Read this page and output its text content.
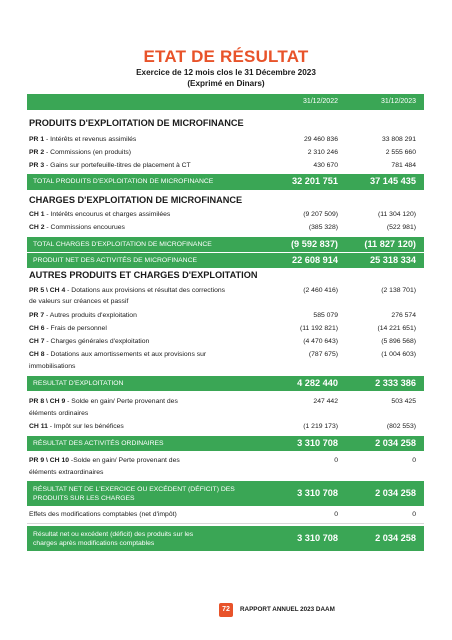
ETAT DE RÉSULTAT
Exercice de 12 mois clos le 31 Décembre 2023
(Exprimé en Dinars)
31/12/2022	31/12/2023
PRODUITS D'EXPLOITATION DE MICROFINANCE
PR 1 - Intérêts et revenus assimilés	29 460 836	33 808 291
PR 2 - Commissions (en produits)	2 310 246	2 555 660
PR 3 - Gains sur portefeuille-titres de placement à CT	430 670	781 484
TOTAL PRODUITS D'EXPLOITATION DE MICROFINANCE	32 201 751	37 145 435
CHARGES D'EXPLOITATION DE MICROFINANCE
CH 1 - Intérêts encourus et charges assimilées	(9 207 509)	(11 304 120)
CH 2 - Commissions encourues	(385 328)	(522 981)
TOTAL CHARGES D'EXPLOITATION DE MICROFINANCE	(9 592 837)	(11 827 120)
PRODUIT NET DES ACTIVITÉS DE MICROFINANCE	22 608 914	25 318 334
AUTRES PRODUITS ET CHARGES D'EXPLOITATION
PR 5 \ CH 4 - Dotations aux provisions et résultat des corrections	(2 460 416)	(2 138 701)
de valeurs sur créances et passif
PR 7 - Autres produits d'exploitation	585 079	276 574
CH 6 - Frais de personnel	(11 192 821)	(14 221 651)
CH 7 - Charges générales d'exploitation	(4 470 643)	(5 896 568)
CH 8 - Dotations aux amortissements et aux provisions sur	(787 675)	(1 004 603)
immobilisations
RESULTAT D'EXPLOITATION	4 282 440	2 333 386
PR 8 \ CH 9 - Solde en gain/ Perte provenant des	247 442	503 425
éléments ordinaires
CH 11 - Impôt sur les bénéfices	(1 219 173)	(802 553)
RÉSULTAT DES ACTIVITÉS ORDINAIRES	3 310 708	2 034 258
PR 9 \ CH 10 -Solde en gain/ Perte provenant des	0	0
éléments extraordinaires
RÉSULTAT NET DE L'EXERCICE OU EXCÉDENT (DÉFICIT) DES
PRODUITS SUR LES CHARGES
3 310 708	2 034 258
Effets des modifications comptables (net d'impôt)	0	0
Résultat net ou excédent (déficit) des produits sur les
charges après modifications comptables
3 310 708	2 034 258
72	RAPPORT ANNUEL 2023 DAAM
